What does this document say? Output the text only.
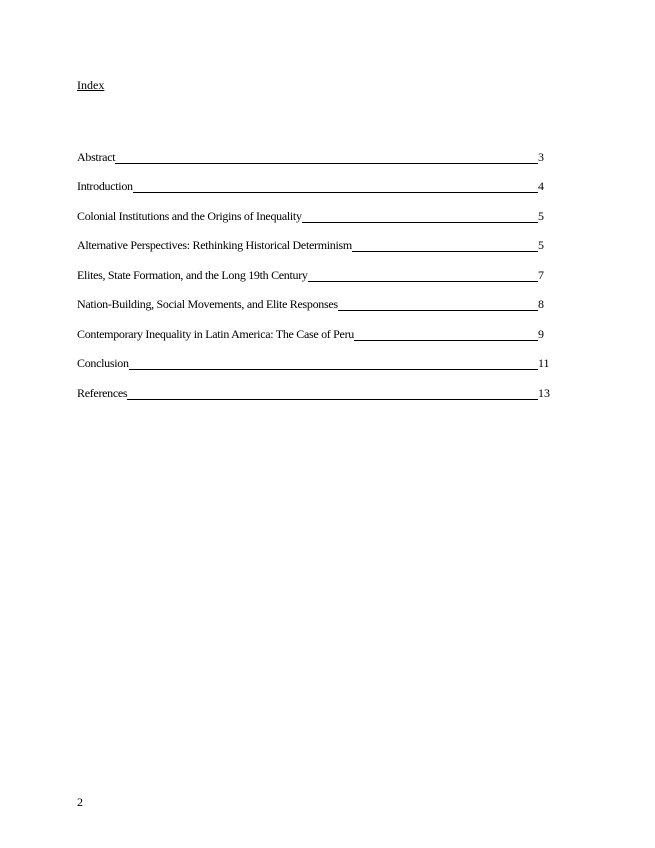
Index
Abstract	3
Introduction	4
Colonial Institutions and the Origins of Inequality	5
Alternative Perspectives: Rethinking Historical Determinism	5
Elites, State Formation, and the Long 19th Century	7
Nation-Building, Social Movements, and Elite Responses	8
Contemporary Inequality in Latin America: The Case of Peru	9
Conclusion	11
References	13
2
